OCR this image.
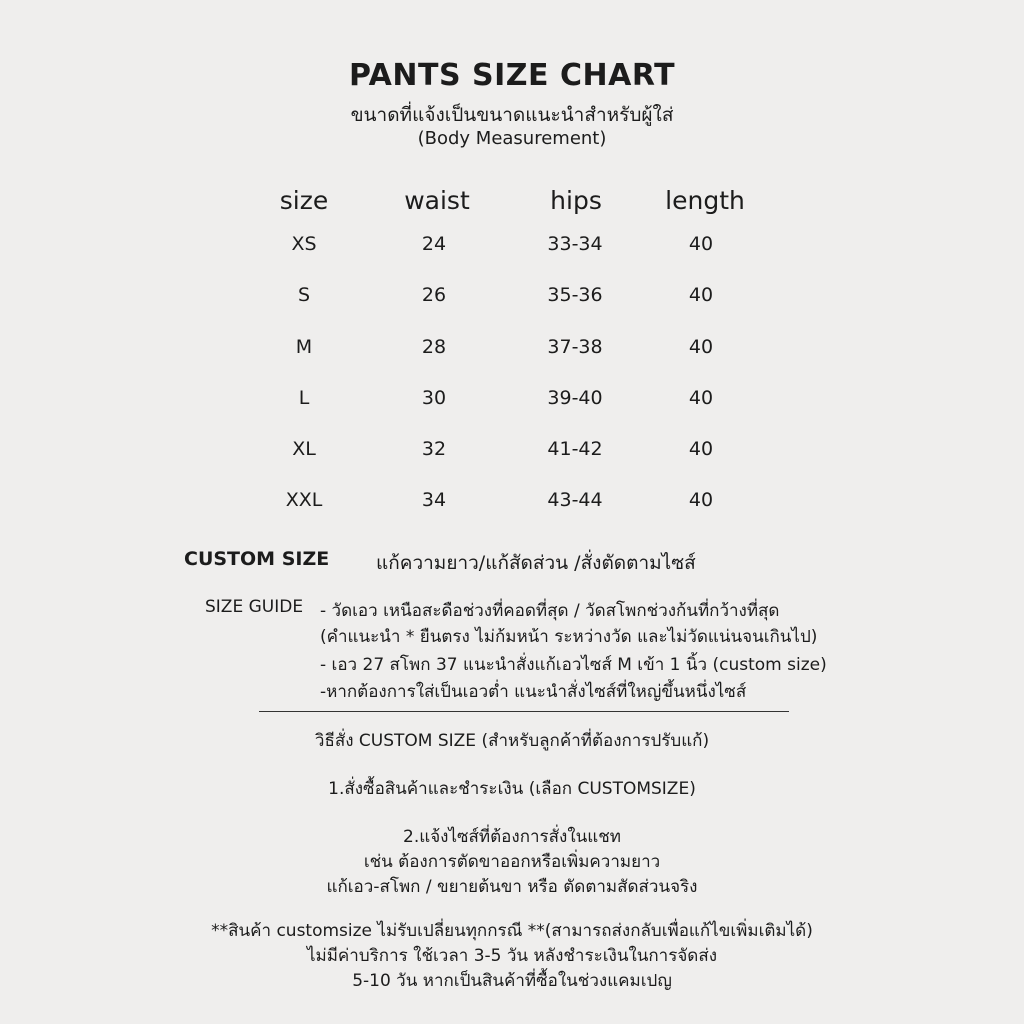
PANTS SIZE CHART
ขนาดที่แจ้งเป็นขนาดแนะนำสำหรับผู้ใส่
(Body Measurement)
size	waist	hips	length
XS	24	33-34	40
S	26	35-36	40
M	28	37-38	40
L	30	39-40	40
XL	32	41-42	40
XXL	34	43-44	40
CUSTOM SIZE แก้ความยาว/แก้สัดส่วน /สั่งตัดตามไซส์
SIZE GUIDE - วัดเอว เหนือสะดือช่วงที่คอดที่สุด / วัดสโพกช่วงก้นที่กว้างที่สุด
(คำแนะนำ * ยืนตรง ไม่ก้มหน้า ระหว่างวัด และไม่วัดแน่นจนเกินไป)
- เอว 27 สโพก 37 แนะนำสั่งแก้เอวไซส์ M เข้า 1 นิ้ว (custom size)
-หากต้องการใส่เป็นเอวต่ำ แนะนำสั่งไซส์ที่ใหญ่ขึ้นหนึ่งไซส์
วิธีสั่ง CUSTOM SIZE (สำหรับลูกค้าที่ต้องการปรับแก้)
1.สั่งซื้อสินค้าและชำระเงิน (เลือก CUSTOMSIZE)
2.แจ้งไซส์ที่ต้องการสั่งในแชท
เช่น ต้องการตัดขาออกหรือเพิ่มความยาว
แก้เอว-สโพก / ขยายต้นขา หรือ ตัดตามสัดส่วนจริง
**สินค้า customsize ไม่รับเปลี่ยนทุกกรณี **(สามารถส่งกลับเพื่อแก้ไขเพิ่มเติมได้)
ไม่มีค่าบริการ ใช้เวลา 3-5 วัน หลังชำระเงินในการจัดส่ง
5-10 วัน หากเป็นสินค้าที่ซื้อในช่วงแคมเปญ
